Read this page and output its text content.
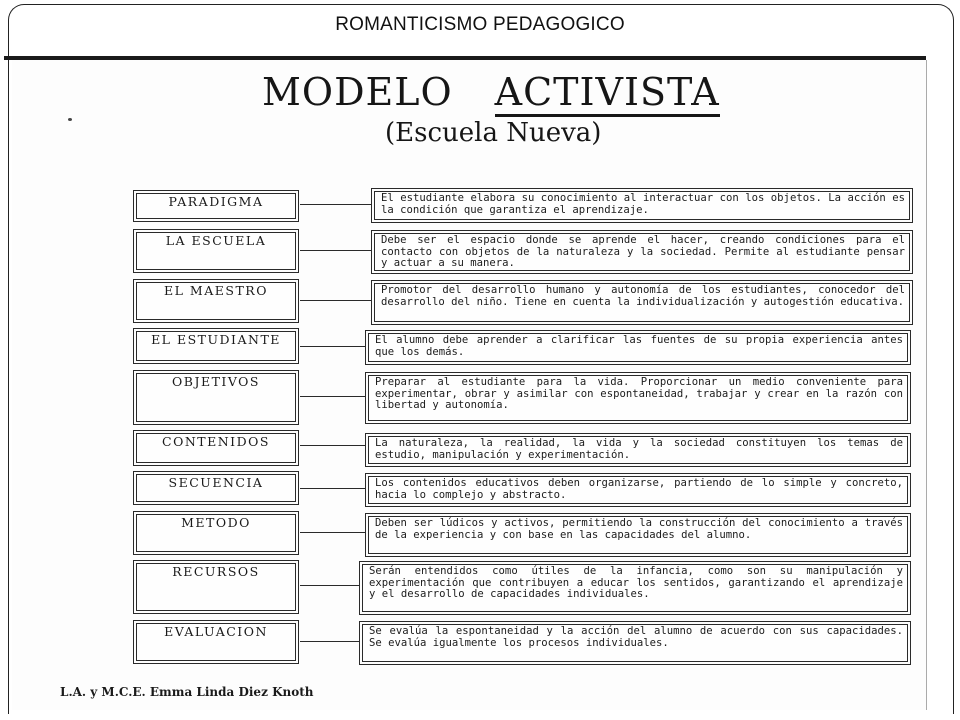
ROMANTICISMO PEDAGOGICO
MODELO ACTIVISTA
(Escuela Nueva)
PARADIGMA	El estudiante elabora su conocimiento al interactuar con los objetos. La acción es la condición que garantiza el aprendizaje.
LA ESCUELA	Debe ser el espacio donde se aprende el hacer, creando condiciones para el contacto con objetos de la naturaleza y la sociedad. Permite al estudiante pensar y actuar a su manera.
EL MAESTRO	Promotor del desarrollo humano y autonomía de los estudiantes, conocedor del desarrollo del niño. Tiene en cuenta la individualización y autogestión educativa.
EL ESTUDIANTE	El alumno debe aprender a clarificar las fuentes de su propia experiencia antes que los demás.
OBJETIVOS	Preparar al estudiante para la vida. Proporcionar un medio conveniente para experimentar, obrar y asimilar con espontaneidad, trabajar y crear en la razón con libertad y autonomía.
CONTENIDOS	La naturaleza, la realidad, la vida y la sociedad constituyen los temas de estudio, manipulación y experimentación.
SECUENCIA	Los contenidos educativos deben organizarse, partiendo de lo simple y concreto, hacia lo complejo y abstracto.
METODO	Deben ser lúdicos y activos, permitiendo la construcción del conocimiento a través de la experiencia y con base en las capacidades del alumno.
RECURSOS	Serán entendidos como útiles de la infancia, como son su manipulación y experimentación que contribuyen a educar los sentidos, garantizando el aprendizaje y el desarrollo de capacidades individuales.
EVALUACION	Se evalúa la espontaneidad y la acción del alumno de acuerdo con sus capacidades. Se evalúa igualmente los procesos individuales.
L.A. y M.C.E. Emma Linda Diez Knoth
